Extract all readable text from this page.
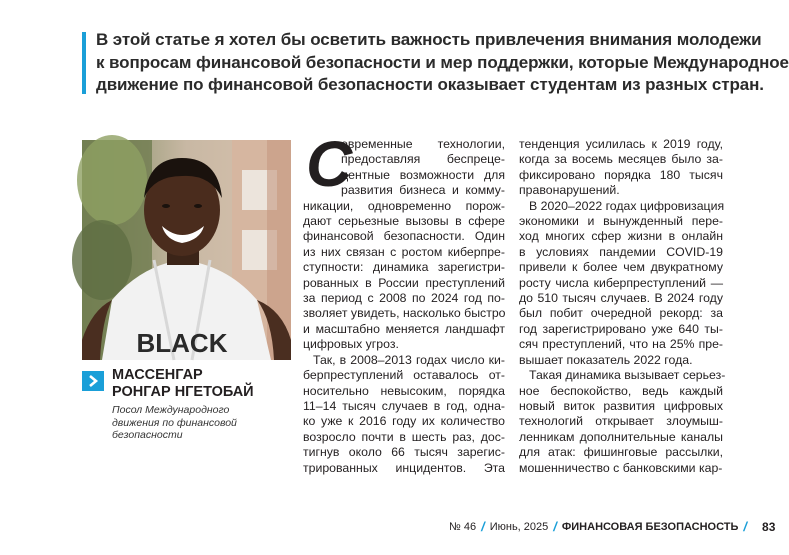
В этой статье я хотел бы осветить важность привлечения внимания молодежи
к вопросам финансовой безопасности и мер поддержки, которые Международное
движение по финансовой безопасности оказывает студентам из разных стран.
BLACK
МАССЕНГАР
РОНГАР НГЕТОБАЙ
Посол Международного
движения по финансовой
безопасности
С
овременные технологии,
предоставляя беспреце-
дентные возможности для
развития бизнеса и комму-
никации, одновременно порож-
дают серьезные вызовы в сфере
финансовой безопасности. Один
из них связан с ростом киберпре-
ступности: динамика зарегистри-
рованных в России преступлений
за период с 2008 по 2024 год по-
зволяет увидеть, насколько быстро
и масштабно меняется ландшафт
цифровых угроз.
Так, в 2008–2013 годах число ки-
берпреступлений оставалось от-
носительно невысоким, порядка
11–14 тысяч случаев в год, одна-
ко уже к 2016 году их количество
возросло почти в шесть раз, дос-
тигнув около 66 тысяч зарегис-
трированных инцидентов. Эта
тенденция усилилась к 2019 году,
когда за восемь месяцев было за-
фиксировано порядка 180 тысяч
правонарушений.
В 2020–2022 годах цифровизация
экономики и вынужденный пере-
ход многих сфер жизни в онлайн
в условиях пандемии COVID-19
привели к более чем двукратному
росту числа киберпреступлений —
до 510 тысяч случаев. В 2024 году
был побит очередной рекорд: за
год зарегистрировано уже 640 ты-
сяч преступлений, что на 25% пре-
вышает показатель 2022 года.
Такая динамика вызывает серьез-
ное беспокойство, ведь каждый
новый виток развития цифровых
технологий открывает злоумыш-
ленникам дополнительные каналы
для атак: фишинговые рассылки,
мошенничество с банковскими кар-
№ 46 / Июнь, 2025 / ФИНАНСОВАЯ БЕЗОПАСНОСТЬ / 83
